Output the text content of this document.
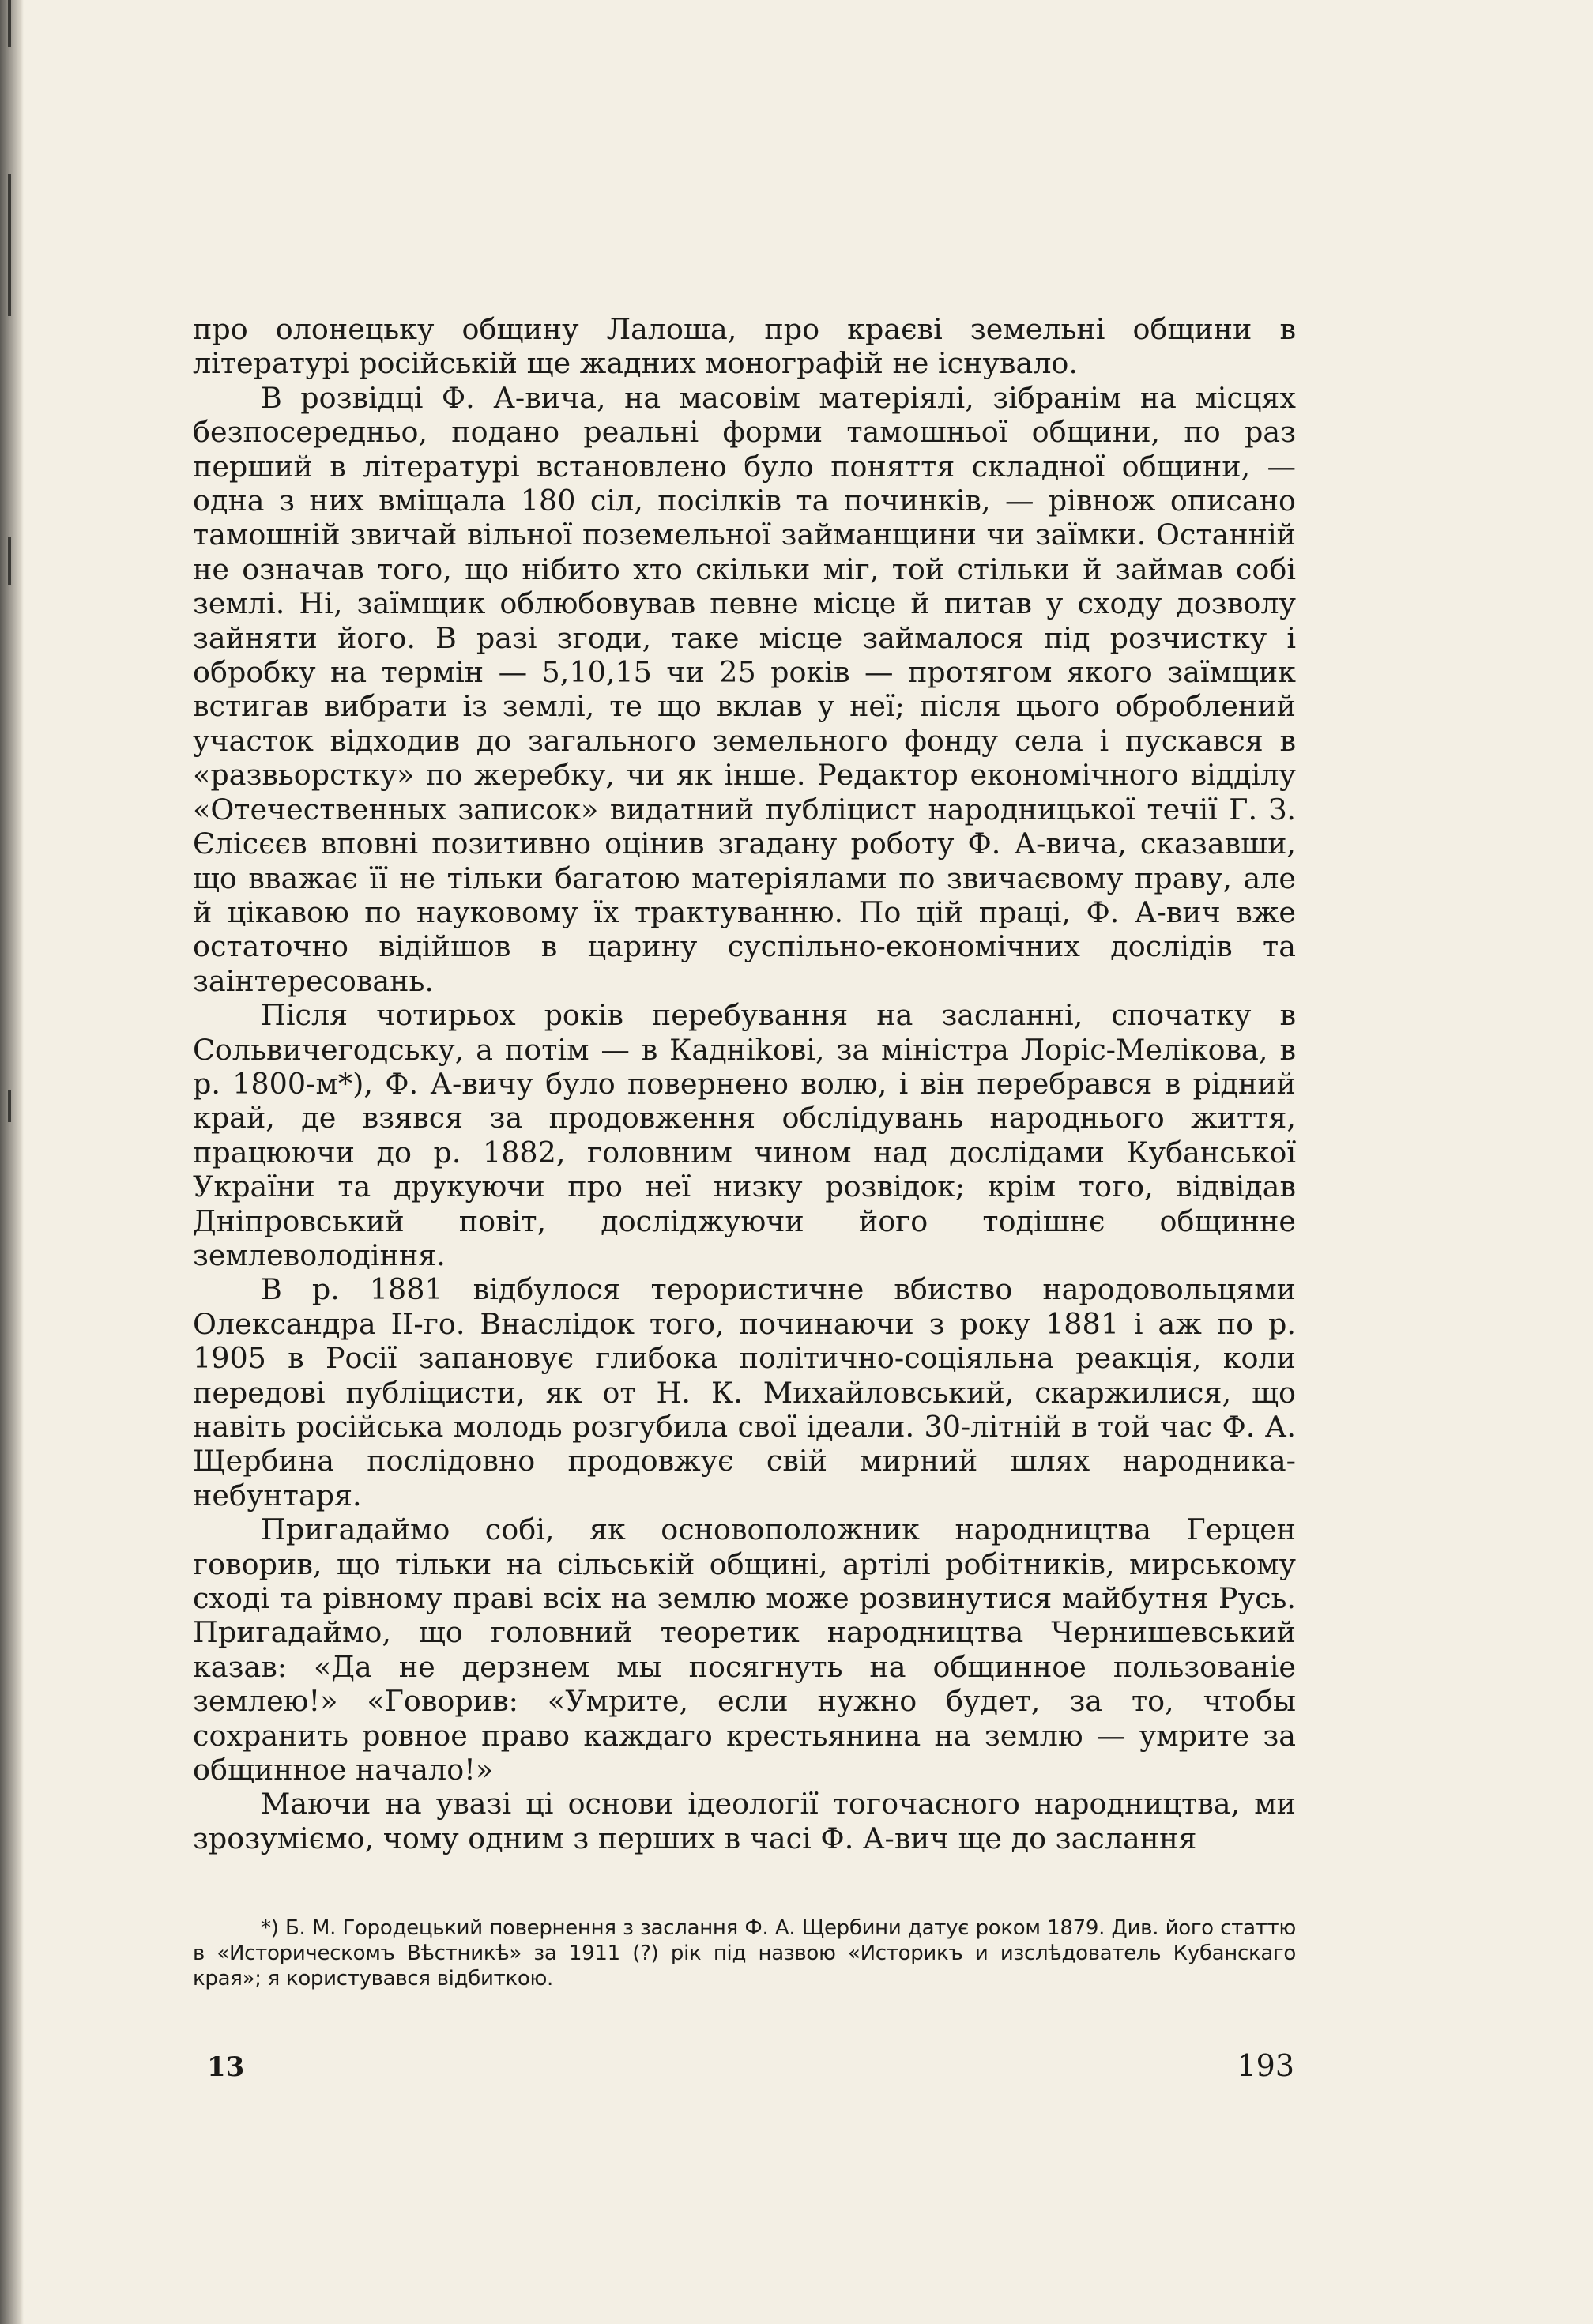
про олонецьку общину Лалоша, про краєві земельні общини в літературі російській ще жадних монографій не існувало.

В розвідці Ф. А-вича, на масовім матеріялі, зібранім на місцях безпосередньо, подано реальні форми тамошньої общини, по раз перший в літературі встановлено було поняття складної общини, — одна з них вміщала 180 сіл, посілків та починків, — рівнож описано тамошній звичай вільної поземельної займанщини чи заїмки. Останній не означав того, що нібито хто скільки міг, той стільки й займав собі землі. Ні, заїмщик облюбовував певне місце й питав у сходу дозволу зайняти його. В разі згоди, таке місце займалося під розчистку і обробку на термін — 5,10,15 чи 25 років — протягом якого заїмщик встигав вибрати із землі, те що вклав у неї; після цього оброблений участок відходив до загального земельного фонду села і пускався в «развьорстку» по жеребку, чи як інше. Редактор економічного відділу «Отечественных записок» видатний публіцист народницької течії Г. З. Єлісєєв вповні позитивно оцінив згадану роботу Ф. А-вича, сказавши, що вважає її не тільки багатою матеріялами по звичаєвому праву, але й цікавою по науковому їх трактуванню. По цій праці, Ф. А-вич вже остаточно відійшов в царину суспільно-економічних дослідів та заінтересовань.

Після чотирьох років перебування на засланні, спочатку в Сольвичегодську, а потім — в Кадніkові, за міністра Лоріс-Мелікова, в р. 1800-м*), Ф. А-вичу було повернено волю, і він перебрався в рідний край, де взявся за продовження обслідувань народнього життя, працюючи до р. 1882, головним чином над дослідами Кубанської України та друкуючи про неї низку розвідок; крім того, відвідав Дніпровський повіт, досліджуючи його тодішнє общинне землеволодіння.

В р. 1881 відбулося терористичне вбиство народовольцями Олександра II-го. Внаслідок того, починаючи з року 1881 і аж по р. 1905 в Росії запановує глибока політично-соціяльна реакція, коли передові публіцисти, як от Н. К. Михайловський, скаржилися, що навіть російська молодь розгубила свої ідеали. 30-літній в той час Ф. А. Щербина послідовно продовжує свій мирний шлях народника-небунтаря.

Пригадаймо собі, як основоположник народництва Герцен говорив, що тільки на сільській общині, артілі робітників, мирському сході та рівному праві всіх на землю може розвинутися майбутня Русь. Пригадаймо, що головний теоретик народництва Чернишевський казав: «Да не дерзнем мы посягнуть на общинное пользованіе землею!» «Говорив: «Умрите, если нужно будет, за то, чтобы сохранить ровное право каждаго крестьянина на землю — умрите за общинное начало!»

Маючи на увазі ці основи ідеології тогочасного народництва, ми зрозуміємо, чому одним з перших в часі Ф. А-вич ще до заслання

*) Б. М. Городецький повернення з заслання Ф. А. Щербини датує роком 1879. Див. його статтю в «Историческомъ Вѣстникѣ» за 1911 (?) рік під назвою «Историкъ и изслѣдователь Кубанскаго края»; я користувався відбиткою.

13	193
